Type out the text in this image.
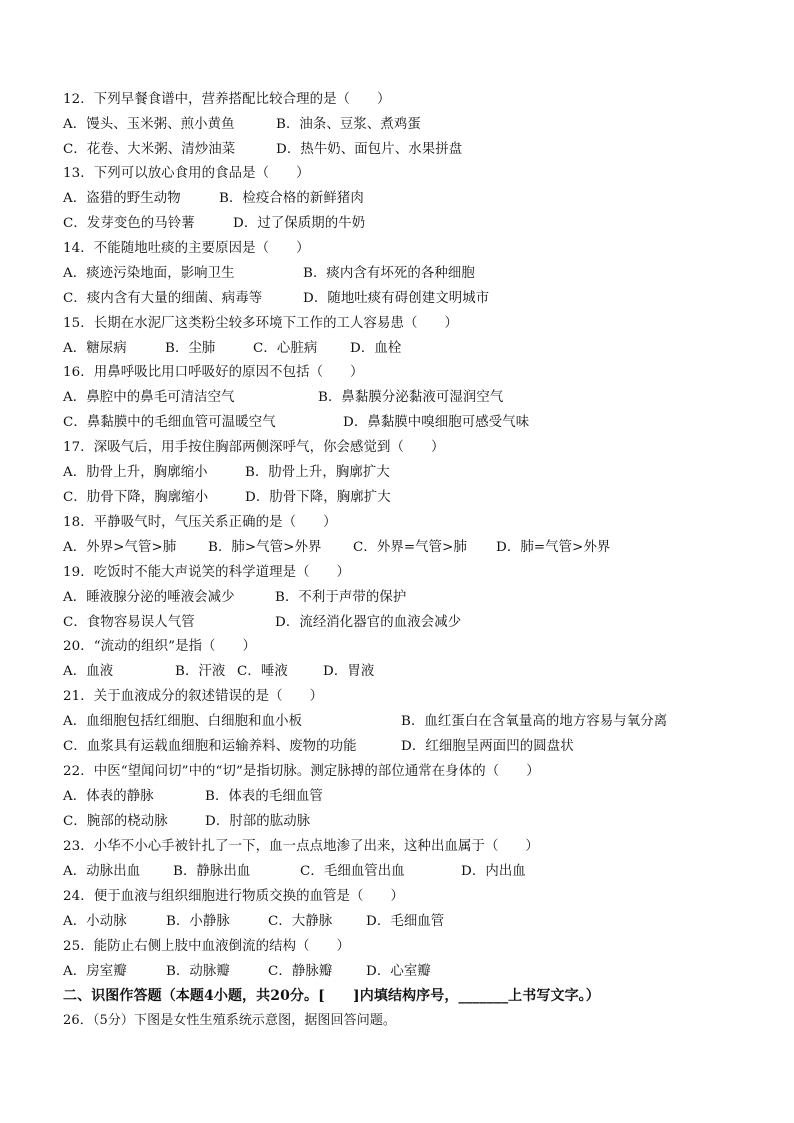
12．下列早餐食谱中，营养搭配比较合理的是（　　）
A．馒头、玉米粥、煎小黄鱼	B．油条、豆浆、煮鸡蛋
C．花卷、大米粥、清炒油菜	D．热牛奶、面包片、水果拼盘
13．下列可以放心食用的食品是（　　）
A．盗猎的野生动物	B．检疫合格的新鲜猪肉
C．发芽变色的马铃薯	D．过了保质期的牛奶
14．不能随地吐痰的主要原因是（　　）
A．痰迹污染地面，影响卫生	B．痰内含有坏死的各种细胞
C．痰内含有大量的细菌、病毒等	D．随地吐痰有碍创建文明城市
15．长期在水泥厂这类粉尘较多环境下工作的工人容易患（　　）
A．糖尿病	B．尘肺	C．心脏病 D．血栓
16．用鼻呼吸比用口呼吸好的原因不包括（　　）
A．鼻腔中的鼻毛可清洁空气	B．鼻黏膜分泌黏液可湿润空气
C．鼻黏膜中的毛细血管可温暖空气	D．鼻黏膜中嗅细胞可感受气味
17．深吸气后，用手按住胸部两侧深呼气，你会感觉到（　　）
A．肋骨上升，胸廓缩小	B．肋骨上升，胸廓扩大
C．肋骨下降，胸廓缩小	D．肋骨下降，胸廓扩大
18．平静吸气时，气压关系正确的是（　　）
A．外界>气管>肺 B．肺>气管>外界 C．外界=气管>肺 D．肺=气管>外界
19．吃饭时不能大声说笑的科学道理是（　　）
A．睡液腺分泌的唾液会减少	B．不利于声带的保护
C．食物容易误人气管	D．流经消化器官的血液会减少
20．“流动的组织”是指（　　）
A．血液	B．汗液 C．唾液	D．胃液
21．关于血液成分的叙述错误的是（　　）
A．血细胞包括红细胞、白细胞和血小板	B．血红蛋白在含氧量高的地方容易与氧分离
C．血浆具有运载血细胞和运输养料、废物的功能	D．红细胞呈两面凹的圆盘状
22．中医“望闻问切”中的“切”是指切脉。测定脉搏的部位通常在身体的（　　）
A．体表的静脉	B．体表的毛细血管
C．腕部的桡动脉	D．肘部的肱动脉
23．小华不小心手被针扎了一下，血一点点地渗了出来，这种出血属于（　　）
A．动脉出血 B．静脉出血	C．毛细血管出血	D．内出血
24．便于血液与组织细胞进行物质交换的血管是（　　）
A．小动脉	B．小静脉	C．大静脉	D．毛细血管
25．能防止右侧上肢中血液倒流的结构（　　）
A．房室瓣	B．动脉瓣	C．静脉瓣	D．心室瓣
二、识图作答题（本题4小题，共20分。[　　]内填结构序号，_______上书写文字。）
26．（5分）下图是女性生殖系统示意图，据图回答问题。
